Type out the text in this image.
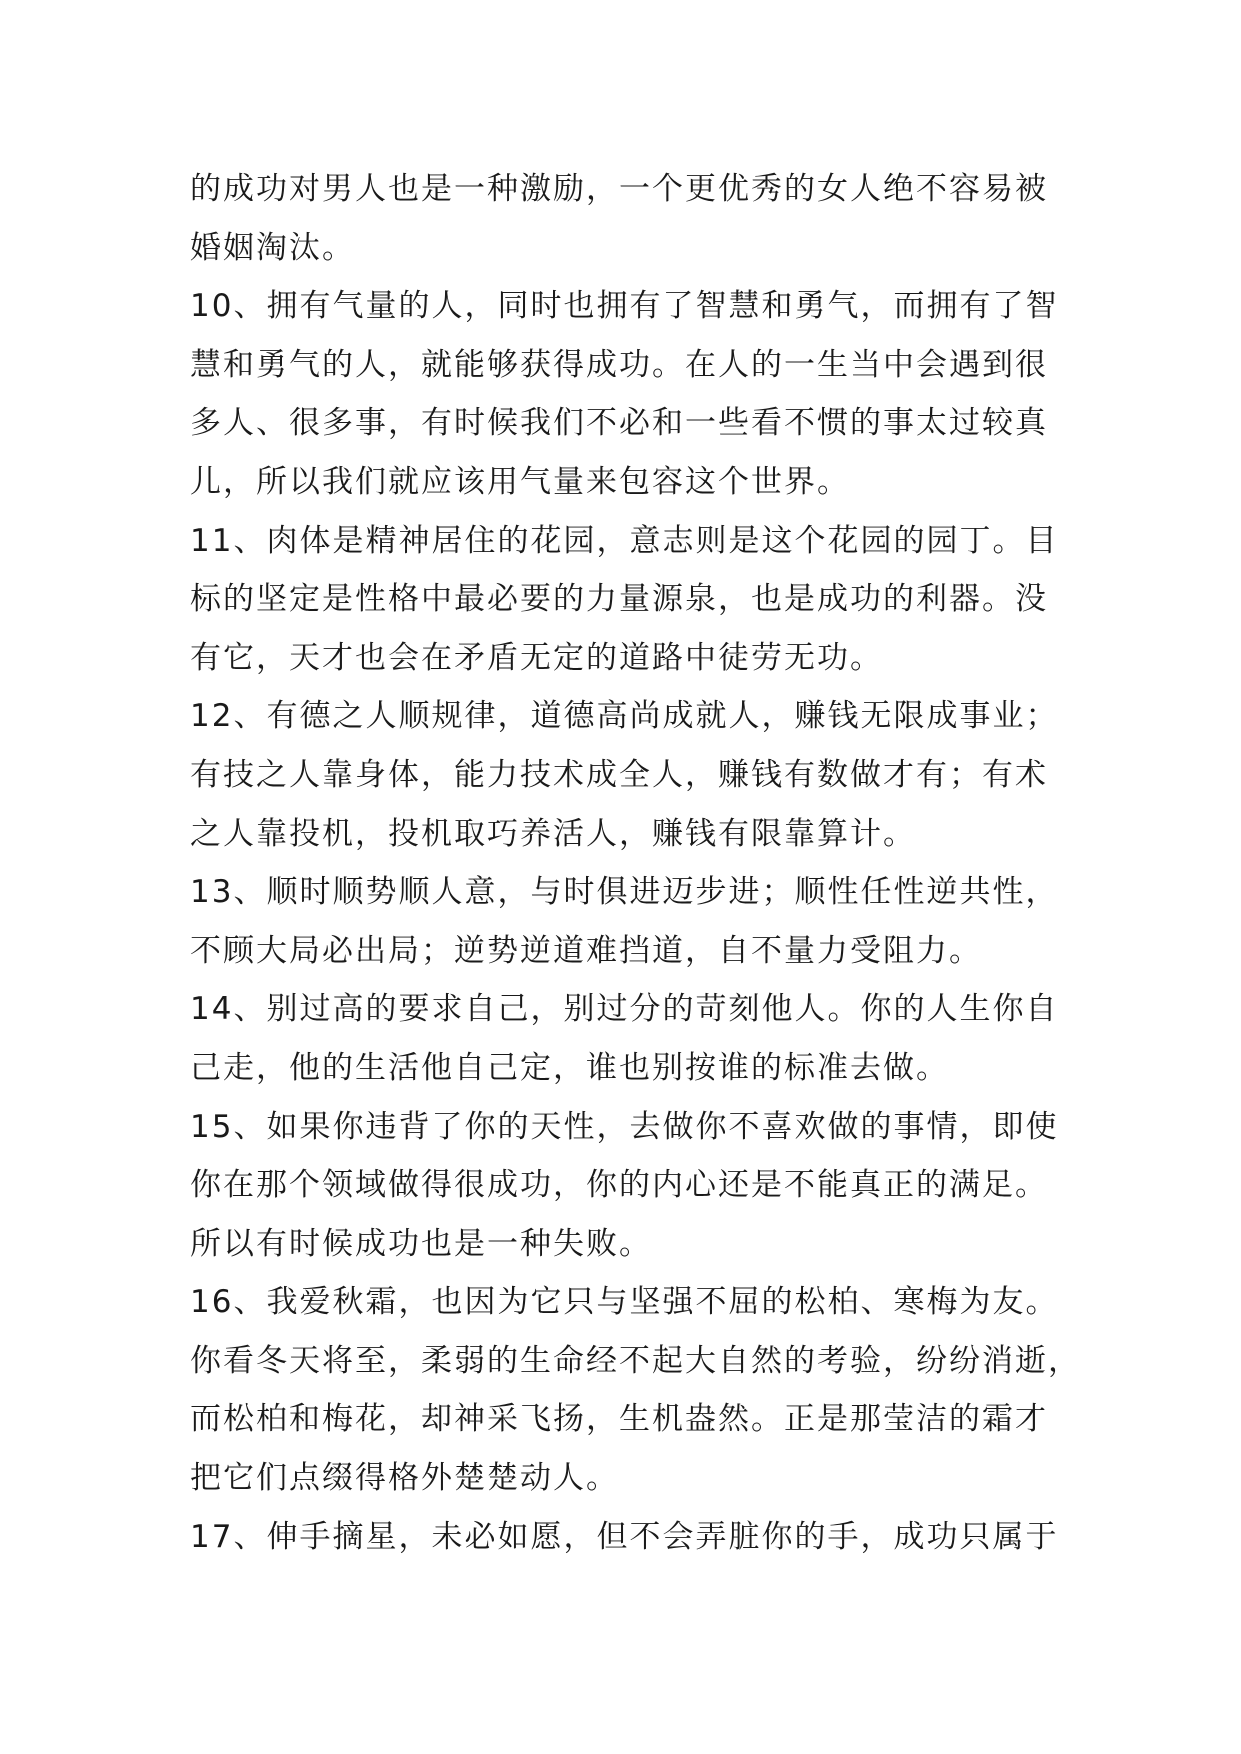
的成功对男人也是一种激励，一个更优秀的女人绝不容易被
婚姻淘汰。
10、拥有气量的人，同时也拥有了智慧和勇气，而拥有了智
慧和勇气的人，就能够获得成功。在人的一生当中会遇到很
多人、很多事，有时候我们不必和一些看不惯的事太过较真
儿，所以我们就应该用气量来包容这个世界。
11、肉体是精神居住的花园，意志则是这个花园的园丁。目
标的坚定是性格中最必要的力量源泉，也是成功的利器。没
有它，天才也会在矛盾无定的道路中徒劳无功。
12、有德之人顺规律，道德高尚成就人，赚钱无限成事业；
有技之人靠身体，能力技术成全人，赚钱有数做才有；有术
之人靠投机，投机取巧养活人，赚钱有限靠算计。
13、顺时顺势顺人意，与时俱进迈步进；顺性任性逆共性，
不顾大局必出局；逆势逆道难挡道，自不量力受阻力。
14、别过高的要求自己，别过分的苛刻他人。你的人生你自
己走，他的生活他自己定，谁也别按谁的标准去做。
15、如果你违背了你的天性，去做你不喜欢做的事情，即使
你在那个领域做得很成功，你的内心还是不能真正的满足。
所以有时候成功也是一种失败。
16、我爱秋霜，也因为它只与坚强不屈的松柏、寒梅为友。
你看冬天将至，柔弱的生命经不起大自然的考验，纷纷消逝，
而松柏和梅花，却神采飞扬，生机盎然。正是那莹洁的霜才
把它们点缀得格外楚楚动人。
17、伸手摘星，未必如愿，但不会弄脏你的手，成功只属于
